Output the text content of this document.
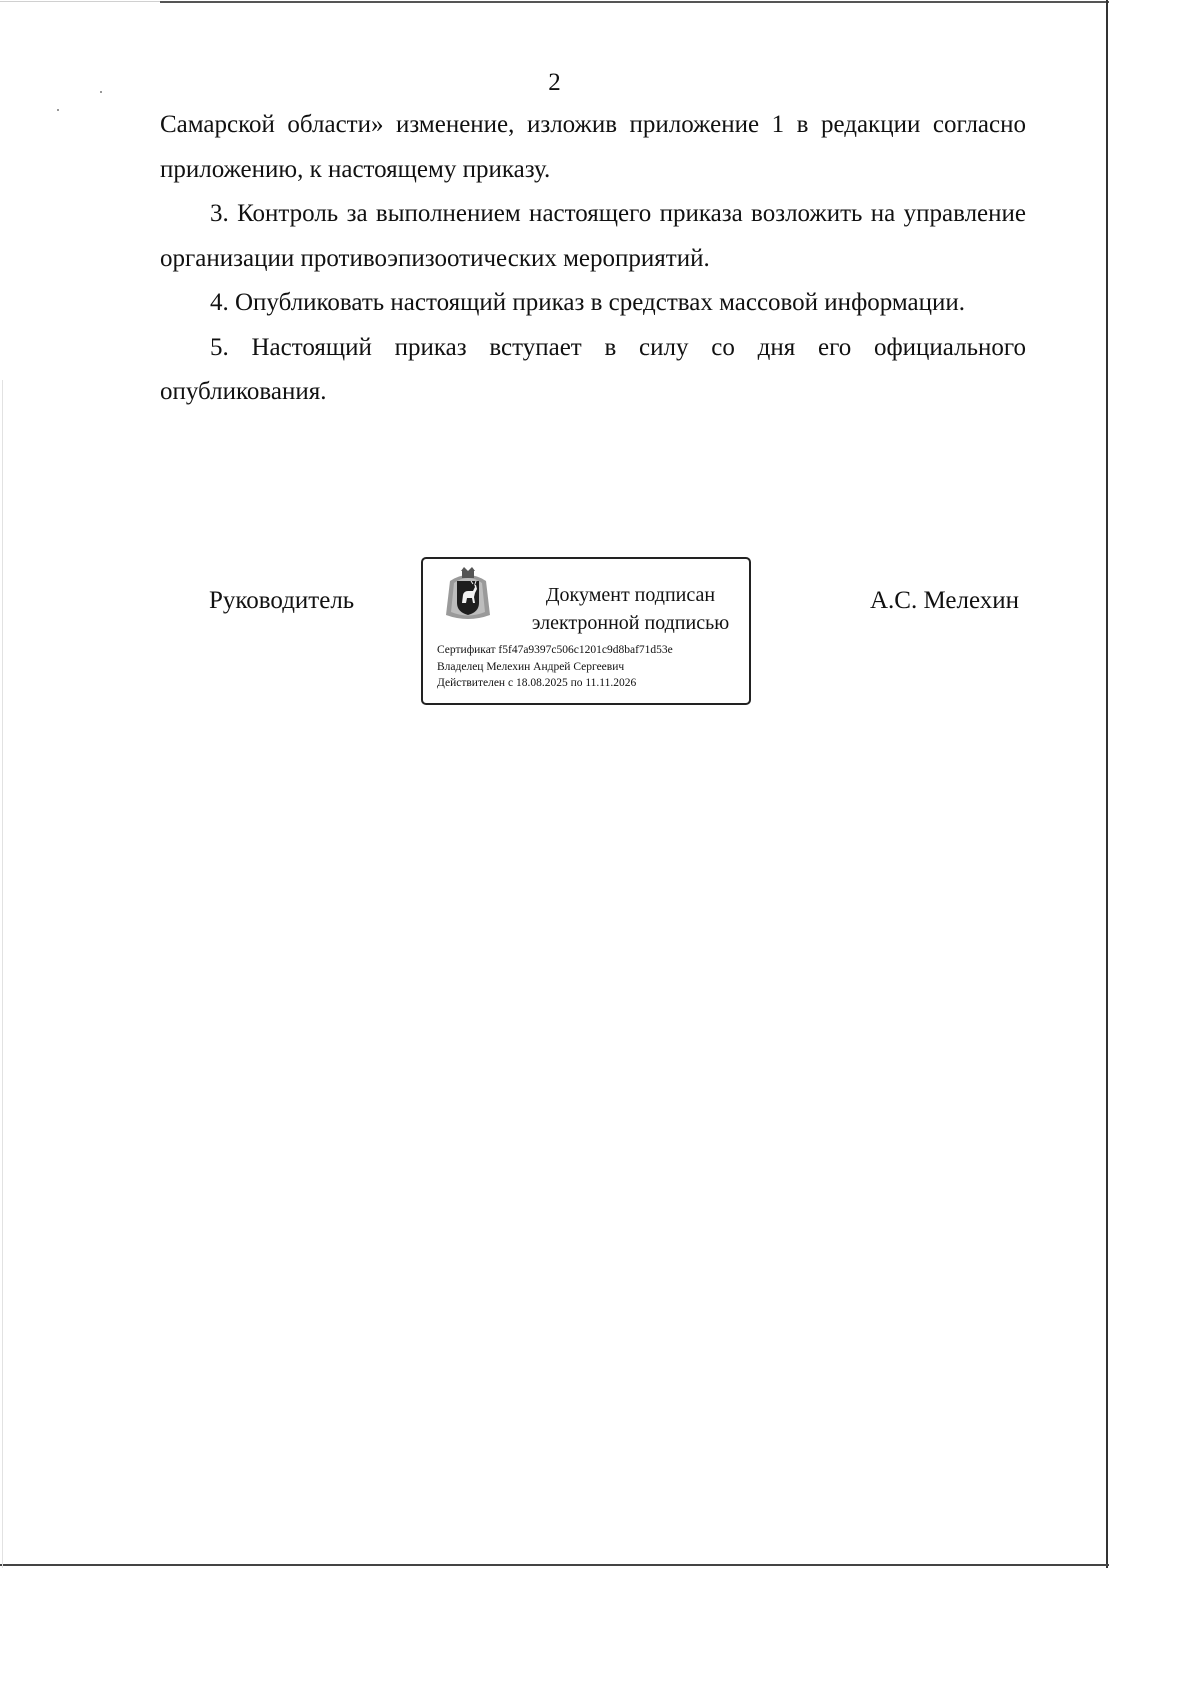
2

Самарской области» изменение, изложив приложение 1 в редакции согласно приложению, к настоящему приказу.

3. Контроль за выполнением настоящего приказа возложить на управление организации противоэпизоотических мероприятий.

4. Опубликовать настоящий приказ в средствах массовой информации.

5. Настоящий приказ вступает в силу со дня его официального опубликования.

Руководитель	Документ подписан
электронной подписью
Сертификат f5f47a9397c506c1201c9d8baf71d53e
Владелец Мелехин Андрей Сергеевич
Действителен с 18.08.2025 по 11.11.2026
А.С. Мелехин
